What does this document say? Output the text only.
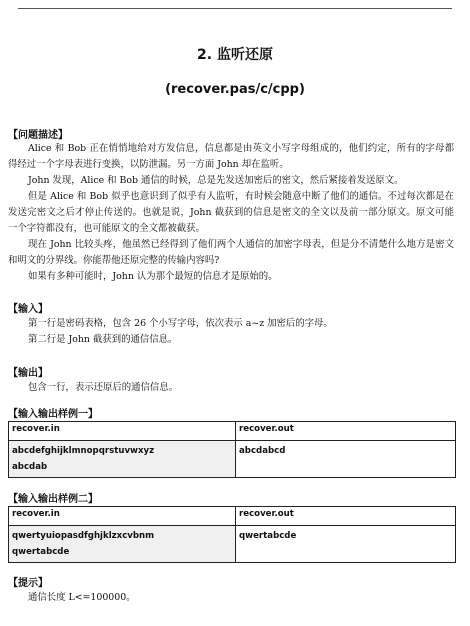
2. 监听还原
(recover.pas/c/cpp)
【问题描述】

Alice 和 Bob 正在悄悄地给对方发信息，信息都是由英文小写字母组成的，他们约定，所有的字母都得经过一个字母表进行变换，以防泄漏。另一方面 John 却在监听。

John 发现，Alice 和 Bob 通信的时候，总是先发送加密后的密文，然后紧接着发送原文。

但是 Alice 和 Bob 似乎也意识到了似乎有人监听，有时候会随意中断了他们的通信。不过每次都是在发送完密文之后才停止传送的。也就是说，John 截获到的信息是密文的全文以及前一部分原文。原文可能一个字符都没有，也可能原文的全文都被截获。

现在 John 比较头疼，他虽然已经得到了他们两个人通信的加密字母表，但是分不清楚什么地方是密文和明文的分界线。你能帮他还原完整的传输内容吗?

如果有多种可能时，John 认为那个最短的信息才是原始的。

【输入】

第一行是密码表格，包含 26 个小写字母，依次表示 a~z 加密后的字母。

第二行是 John 截获到的通信信息。

【输出】

包含一行，表示还原后的通信信息。

【输入输出样例一】
recover.in	recover.out

abcdefghijklmnopqrstuvwxyz
abcdab	abcdabcd
【输入输出样例二】
recover.in	recover.out

qwertyuiopasdfghjklzxcvbnm
qwertabcde	qwertabcde
【提示】

通信长度 L<=100000。
